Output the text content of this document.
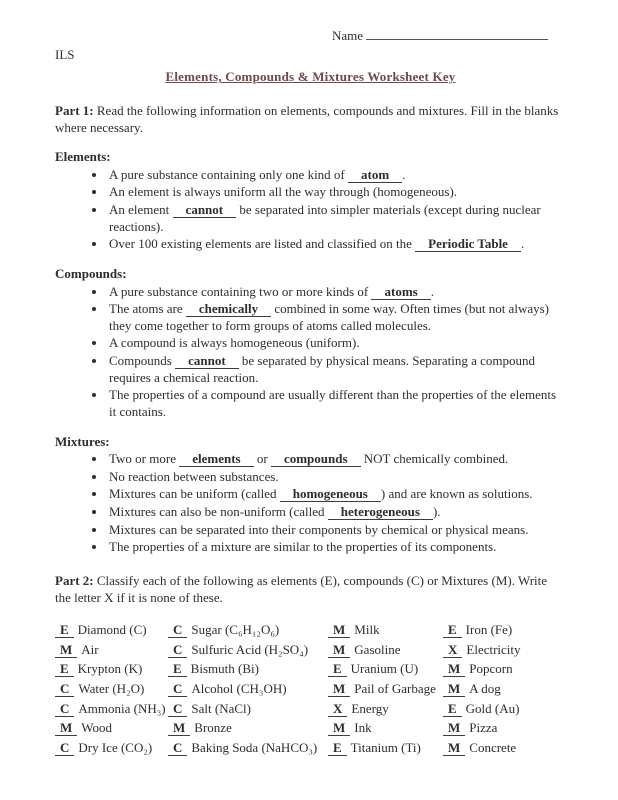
Name
ILS
Elements, Compounds & Mixtures Worksheet Key
Part 1: Read the following information on elements, compounds and mixtures. Fill in the blanks where necessary.
Elements:
• A pure substance containing only one kind of atom .
• An element is always uniform all the way through (homogeneous).
• An element cannot be separated into simpler materials (except during nuclear reactions).
• Over 100 existing elements are listed and classified on the Periodic Table .
Compounds:
• A pure substance containing two or more kinds of atoms .
• The atoms are chemically combined in some way. Often times (but not always) they come together to form groups of atoms called molecules.
• A compound is always homogeneous (uniform).
• Compounds cannot be separated by physical means. Separating a compound requires a chemical reaction.
• The properties of a compound are usually different than the properties of the elements it contains.
Mixtures:
• Two or more elements or compounds NOT chemically combined.
• No reaction between substances.
• Mixtures can be uniform (called homogeneous ) and are known as solutions.
• Mixtures can also be non-uniform (called heterogeneous ).
• Mixtures can be separated into their components by chemical or physical means.
• The properties of a mixture are similar to the properties of its components.
Part 2: Classify each of the following as elements (E), compounds (C) or Mixtures (M). Write the letter X if it is none of these.
E Diamond (C)	C Sugar (C₆H₁₂O₆)	M Milk	E Iron (Fe)
M Air	C Sulfuric Acid (H₂SO₄)	M Gasoline	X Electricity
E Krypton (K)	E Bismuth (Bi)	E Uranium (U)	M Popcorn
C Water (H₂O)	C Alcohol (CH₃OH)	M Pail of Garbage	M A dog
C Ammonia (NH₃)	C Salt (NaCl)	X Energy	E Gold (Au)
M Wood	M Bronze	M Ink	M Pizza
C Dry Ice (CO₂)	C Baking Soda (NaHCO₃)	E Titanium (Ti)	M Concrete
